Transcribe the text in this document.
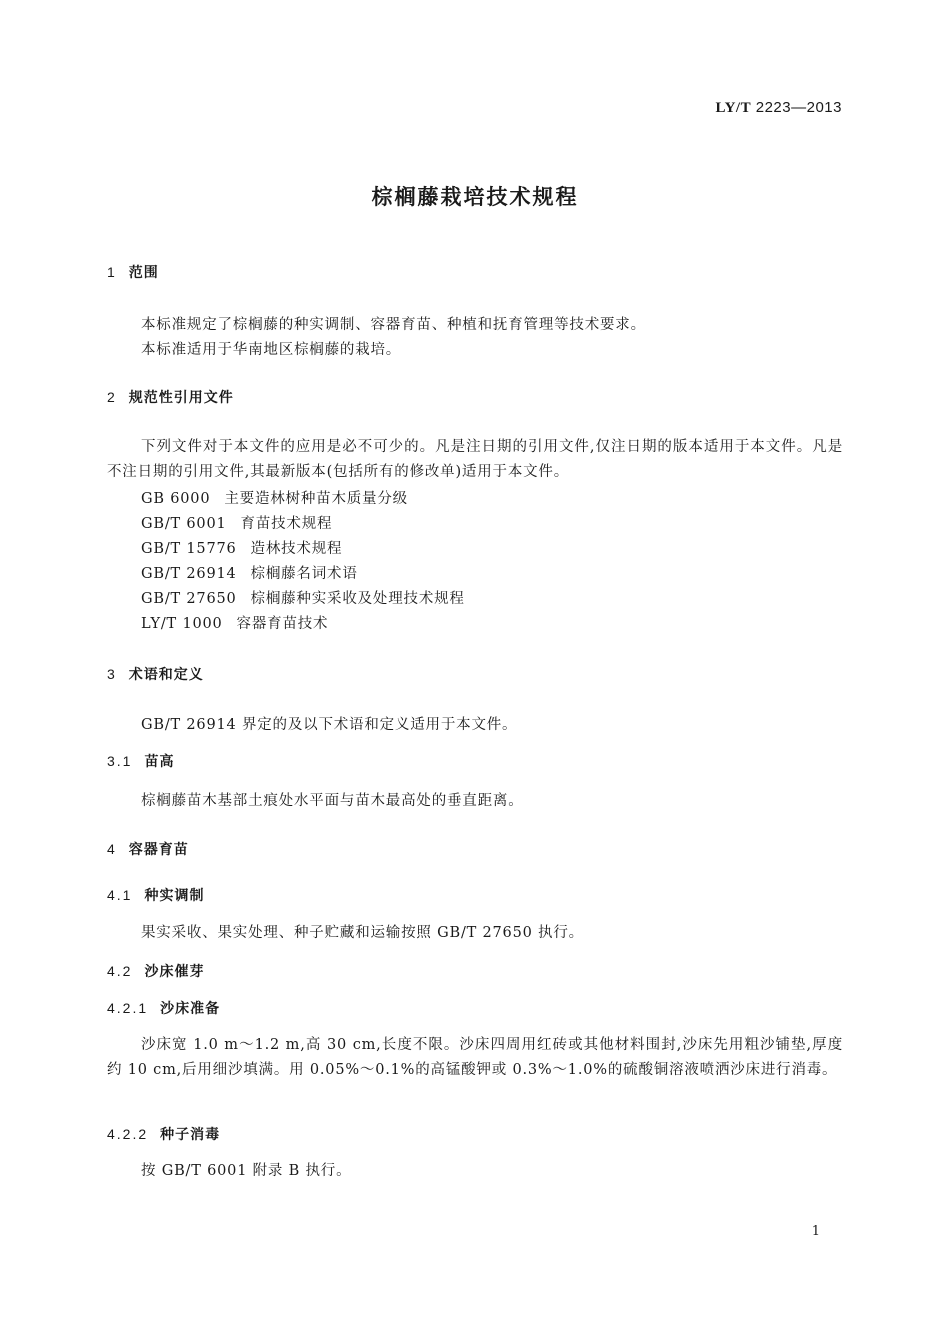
LY/T 2223—2013
棕榈藤栽培技术规程
1 范围
本标准规定了棕榈藤的种实调制、容器育苗、种植和抚育管理等技术要求。
本标准适用于华南地区棕榈藤的栽培。
2 规范性引用文件
下列文件对于本文件的应用是必不可少的。凡是注日期的引用文件,仅注日期的版本适用于本文件。凡是不注日期的引用文件,其最新版本(包括所有的修改单)适用于本文件。
GB 6000 主要造林树种苗木质量分级
GB/T 6001 育苗技术规程
GB/T 15776 造林技术规程
GB/T 26914 棕榈藤名词术语
GB/T 27650 棕榈藤种实采收及处理技术规程
LY/T 1000 容器育苗技术
3 术语和定义
GB/T 26914 界定的及以下术语和定义适用于本文件。
3.1 苗高
棕榈藤苗木基部土痕处水平面与苗木最高处的垂直距离。
4 容器育苗
4.1 种实调制
果实采收、果实处理、种子贮藏和运输按照 GB/T 27650 执行。
4.2 沙床催芽
4.2.1 沙床准备
沙床宽 1.0 m～1.2 m,高 30 cm,长度不限。沙床四周用红砖或其他材料围封,沙床先用粗沙铺垫,厚度约 10 cm,后用细沙填满。用 0.05%～0.1%的高锰酸钾或 0.3%～1.0%的硫酸铜溶液喷洒沙床进行消毒。
4.2.2 种子消毒
按 GB/T 6001 附录 B 执行。
1
